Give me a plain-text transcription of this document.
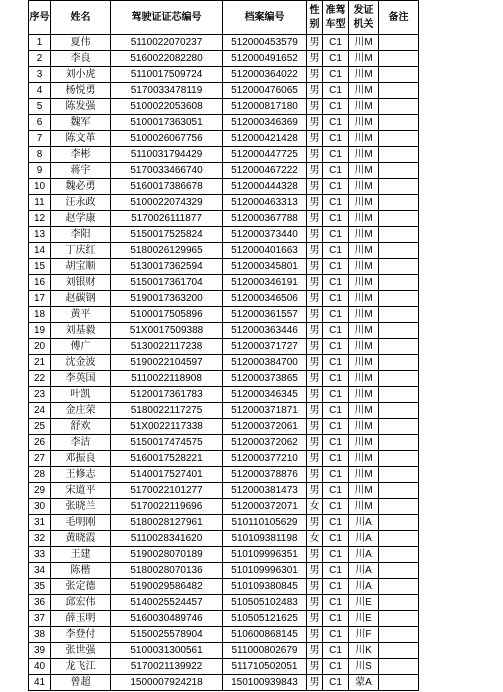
序号	姓名	驾驶证证芯编号	档案编号	性别	准驾车型	发证机关	备注
1	夏伟	5110022070237	512000453579	男	C1	川M	
2	李良	5160022082280	512000491652	男	C1	川M	
3	刘小虎	5110017509724	512000364022	男	C1	川M	
4	杨悦勇	5170033478119	512000476065	男	C1	川M	
5	陈发强	5100022053608	512000817180	男	C1	川M	
6	魏军	5100017363051	512000346369	男	C1	川M	
7	陈文革	5100026067756	512000421428	男	C1	川M	
8	李彬	5110031794429	512000447725	男	C1	川M	
9	蒋宇	5170033466740	512000467222	男	C1	川M	
10	魏必勇	5160017386678	512000444328	男	C1	川M	
11	汪永政	5100022074329	512000463313	男	C1	川M	
12	赵学康	5170026111877	512000367788	男	C1	川M	
13	李阳	5150017525824	512000373440	男	C1	川M	
14	丁庆红	5180026129965	512000401663	男	C1	川M	
15	胡宝顺	5130017362594	512000345801	男	C1	川M	
16	刘银财	5150017361704	512000346191	男	C1	川M	
17	赵碳钢	5190017363200	512000346506	男	C1	川M	
18	黄平	5100017505896	512000361557	男	C1	川M	
19	刘基毅	51X0017509388	512000363446	男	C1	川M	
20	傅广	5130022117238	512000371727	男	C1	川M	
21	沈金波	5190022104597	512000384700	男	C1	川M	
22	李英国	5110022118908	512000373865	男	C1	川M	
23	叶凯	5120017361783	512000346345	男	C1	川M	
24	金庄荣	5180022117275	512000371871	男	C1	川M	
25	舒欢	51X0022117338	512000372061	男	C1	川M	
26	李洁	5150017474575	512000372062	男	C1	川M	
27	邓振良	5160017528221	512000377210	男	C1	川M	
28	王修志	5140017527401	512000378876	男	C1	川M	
29	宋道平	5170022101277	512000381473	男	C1	川M	
30	张晓兰	5170022119696	512000372071	女	C1	川M	
31	毛明刚	5180028127961	510110105629	男	C1	川A	
32	黄晓霞	5110028341620	510109381198	女	C1	川A	
33	王建	5190028070189	510109996351	男	C1	川A	
34	陈楷	5180028070136	510109996301	男	C1	川A	
35	张定德	5190029586482	510109380845	男	C1	川A	
36	邱宏伟	5140025524457	510505102483	男	C1	川E	
37	薛玉明	5160030489746	510505121625	男	C1	川E	
38	李登付	5150025578904	510600868145	男	C1	川F	
39	张世强	5100031300561	511000802679	男	C1	川K	
40	龙飞江	5170021139922	511710502051	男	C1	川S	
41	曾超	1500007924218	150100939843	男	C1	蒙A	
